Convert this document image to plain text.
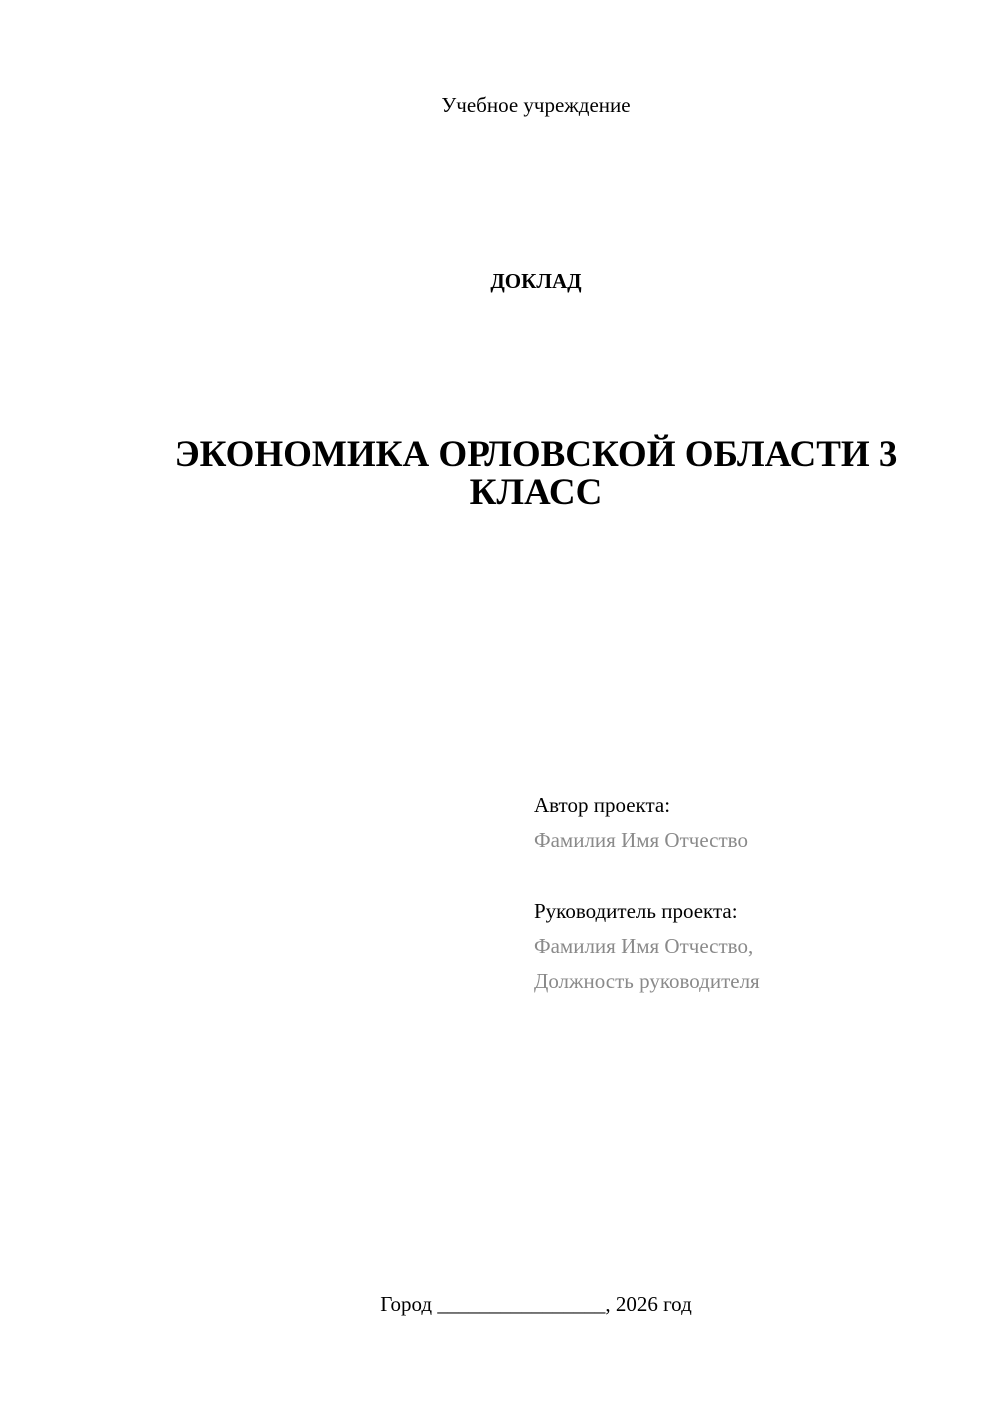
Учебное учреждение
ДОКЛАД
ЭКОНОМИКА ОРЛОВСКОЙ ОБЛАСТИ 3
КЛАСС
Автор проекта:
Фамилия Имя Отчество
Руководитель проекта:
Фамилия Имя Отчество,
Должность руководителя
Город ________________, 2026 год
